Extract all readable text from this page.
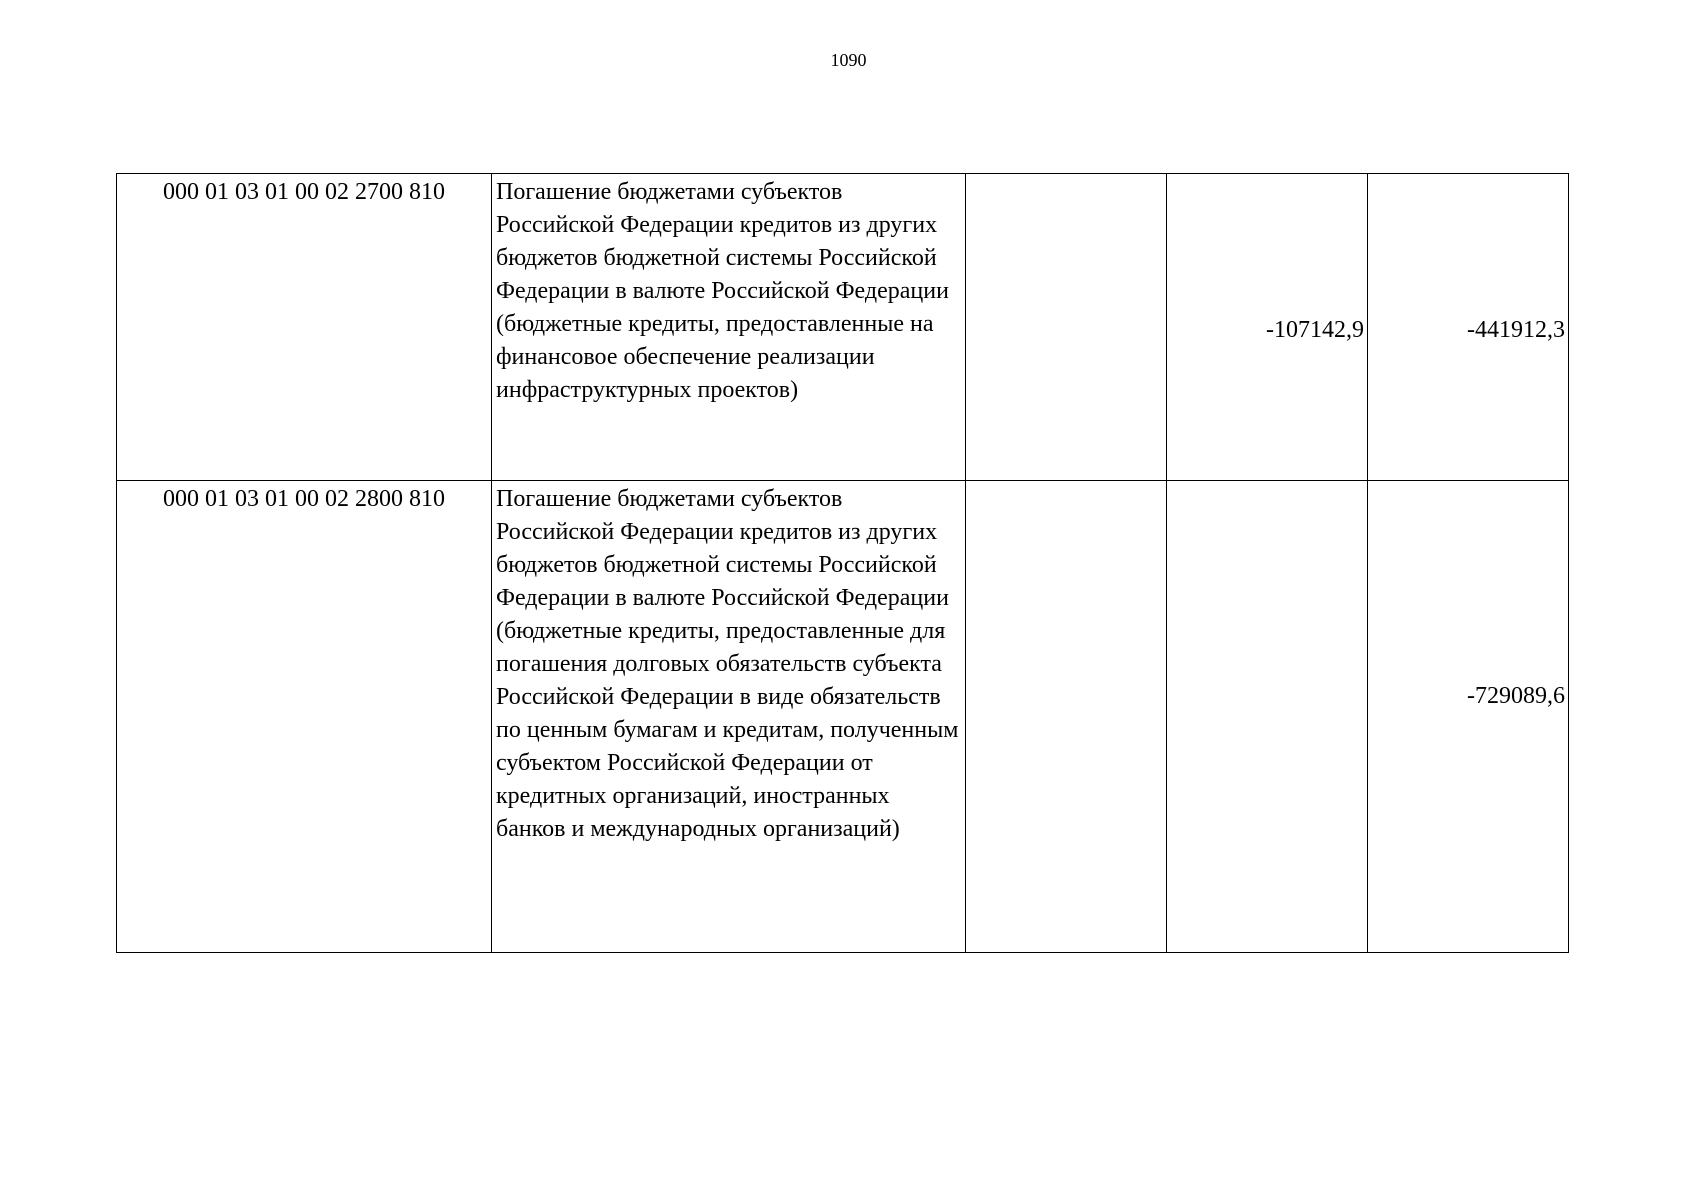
1090
000 01 03 01 00 02 2700 810	Погашение бюджетами субъектов Российской Федерации кредитов из других бюджетов бюджетной системы Российской Федерации в валюте Российской Федерации (бюджетные кредиты, предоставленные на финансовое обеспечение реализации инфраструктурных проектов)		-107142,9	-441912,3
000 01 03 01 00 02 2800 810	Погашение бюджетами субъектов Российской Федерации кредитов из других бюджетов бюджетной системы Российской Федерации в валюте Российской Федерации (бюджетные кредиты, предоставленные для погашения долговых обязательств субъекта Российской Федерации в виде обязательств по ценным бумагам и кредитам, полученным субъектом Российской Федерации от кредитных организаций, иностранных банков и международных организаций)			-729089,6
